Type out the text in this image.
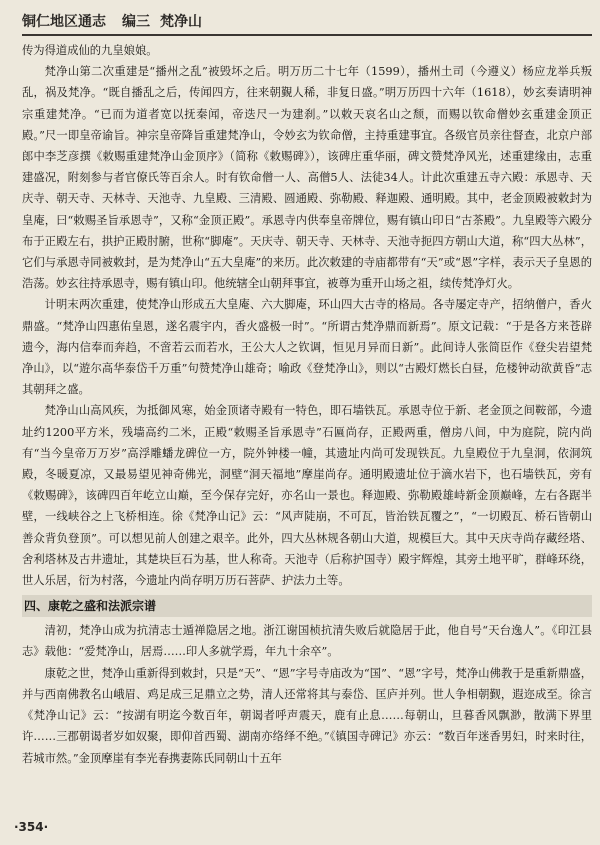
铜仁地区通志 编三 梵净山

传为得道成仙的九皇娘娘。

梵净山第二次重建是“播州之乱”被毁坏之后。明万历二十七年（1599），播州土司（今遵义）杨应龙举兵叛乱，祸及梵净。“既自播乱之后，传闻四方，往来朝覲人稀，非复日盛。”明万历四十六年（1618），妙玄奏请明神宗重建梵净。“已而为道者宽以抚秦闻，帝迭尺一为建刹。”以敕天哀名山之颓，而赐以钦命僧妙玄重建金顶正殿。”尺一即皇帝谕旨。神宗皇帝降旨重建梵净山，令妙玄为钦命僧，主持重建事宜。各级官员亲往督查，北京户部郎中李芝彦撰《敕赐重建梵净山金顶序》（简称《敕赐碑》），该碑庄重华丽，碑文赞梵净风光，述重建缘由，志重建盛况，附刻参与者官僚氏等百余人。时有钦命僧一人、高僧5人、法徒34人。计此次重建五寺六殿：承恩寺、天庆寺、朝天寺、天林寺、天池寺、九皇殿、三清殿、圆通殿、弥勒殿、释迦殿、通明殿。其中，老金顶殿被敕封为皇庵，曰“敕赐圣旨承恩寺”，又称“金顶正殿”。承恩寺内供奉皇帝牌位，赐有镇山印日“古茶殿”。九皇殿等六殿分布于正殿左右，拱护正殿肘腑，世称“脚庵”。天庆寺、朝天寺、天林寺、天池寺扼四方朝山大道，称“四大丛林”，它们与承恩寺同被敕封，是为梵净山“五大皇庵”的来历。此次敕建的寺庙都带有“天”或“恩”字样，表示天子皇恩的浩荡。妙玄往持承恩寺，赐有镇山印。他统辖全山朝拜事宜，被尊为重开山场之祖，续传梵净灯火。

计明末两次重建，使梵净山形成五大皇庵、六大脚庵，环山四大古寺的格局。各寺屡定寺产，招纳僧户，香火鼎盛。“梵净山四惠佑皇恩，遂名震宇内，香火盛极一时”。“所谓古梵净鼎而新焉”。原文记载：“于是各方来苍辟遗今，海内信奉而奔趋，不啻若云而若水，王公大人之钦调，恒见月异而日新”。此间诗人张简臣作《登尖岩望梵净山》，以“遊尔高华泰岱千万重”句赞梵净山雄奇；喻政《登梵净山》，则以“古殿灯燃长白昼，危楼钟动欲黄昏”志其朝拜之盛。

梵净山山高风疾，为抵御风寒，始金顶诸寺殿有一特色，即石墙铁瓦。承恩寺位于新、老金顶之间鞍部，今遗址约1200平方米，残墙高约二米，正殿“敕赐圣旨承恩寺”石匾尚存，正殿两重，僧房八间，中为庭院，院内尚有“当今皇帝万万岁”高浮雕蟠龙碑位一方，院外钟楼一幢，其遗址内尚可发现铁瓦。九皇殿位于九皇洞，依洞筑殿，冬暖夏凉，又最易望见神奇佛光，洞壁“洞天福地”摩崖尚存。通明殿遗址位于滴水岩下，也石墙铁瓦，旁有《敕赐碑》，该碑四百年屹立山巅，至今保存完好，亦名山一景也。释迦殿、弥勒殿雄峙新金顶巅峰，左右各踞半壁，一线峡谷之上飞桥相连。徐《梵净山记》云：“风声陡崩，不可瓦，皆治铁瓦覆之”，“一切殿瓦、桥石皆朝山善众背负登顶”。可以想见前人创建之艰辛。此外，四大丛林规各朝山大道，规模巨大。其中天庆寺尚存藏经塔、舍利塔林及古井遗址，其楚块巨石为基，世人称奇。天池寺（后称护国寺）殿宇辉煌，其旁土地平旷，群峰环绕，世人乐居，衍为村落，今遗址内尚存明万历石菩萨、护法力土等。

四、康乾之盛和法派宗谱

清初，梵净山成为抗清志士遁禅隐居之地。浙江谢国桢抗清失败后就隐居于此，他自号“天台逸人”。《印江县志》载他：“爱梵净山，居焉……印人多就学焉，年九十余卒”。

康乾之世，梵净山重新得到敕封，只是“天”、“恩”字号寺庙改为“国”、“恩”字号，梵净山佛教于是重新鼎盛，并与西南佛教名山峨眉、鸡足成三足鼎立之势，清人还常将其与泰岱、匡庐并列。世人争相朝觐，遐迩成至。徐言《梵净山记》云：“按湖有明迄今数百年，朝谒者呼声震天，鹿有止息……每朝山，旦暮香风飘渺，散满下界里许……三郡朝谒者岁如奴聚，即仰首西蜀、湖南亦络绎不绝。”《镇国寺碑记》亦云：“数百年迷香男妇，时来时往，若城市然。”金顶摩崖有李光春携妻陈氏同朝山十五年

·354·
